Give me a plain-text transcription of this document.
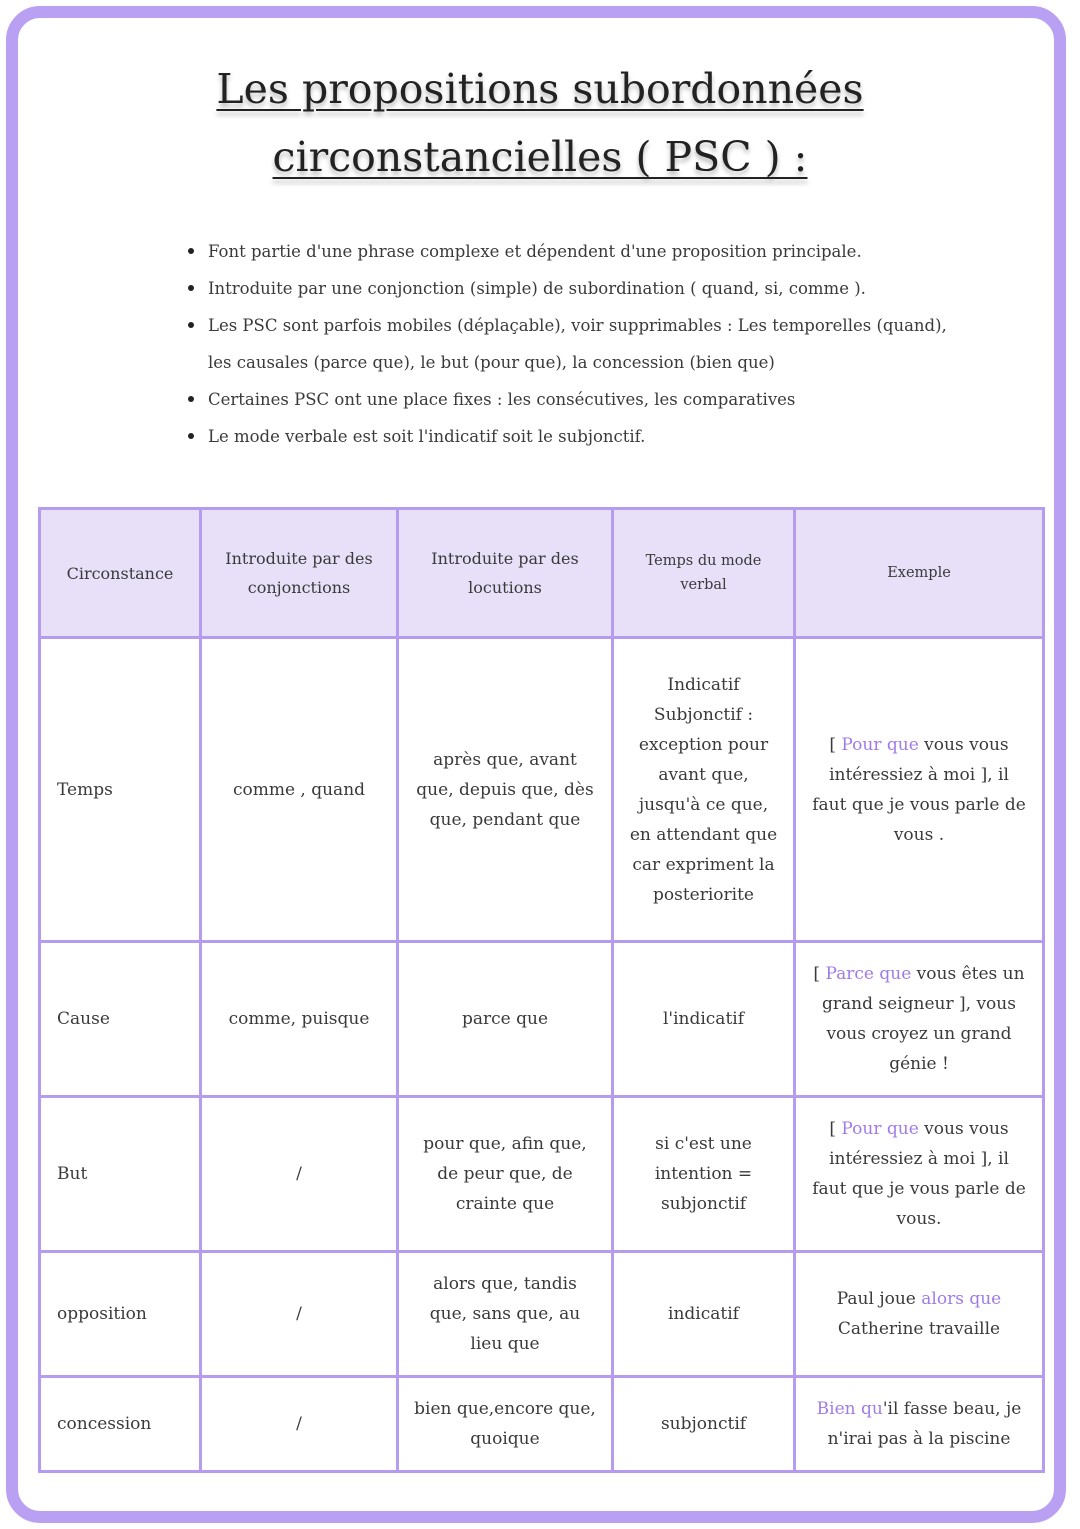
Les propositions subordonnées
circonstancielles ( PSC ) :
Font partie d'une phrase complexe et dépendent d'une proposition principale.
Introduite par une conjonction (simple) de subordination ( quand, si, comme ).
Les PSC sont parfois mobiles (déplaçable), voir supprimables : Les temporelles (quand),
les causales (parce que), le but (pour que), la concession (bien que)
Certaines PSC ont une place fixes : les consécutives, les comparatives
Le mode verbale est soit l'indicatif soit le subjonctif.
Circonstance	Introduite par des conjonctions	Introduite par des locutions	Temps du mode verbal	Exemple
Temps	comme , quand	après que, avant que, depuis que, dès que, pendant que	Indicatif Subjonctif : exception pour avant que, jusqu'à ce que, en attendant que car expriment la posteriorite	[ Pour que vous vous intéressiez à moi ], il faut que je vous parle de vous .
Cause	comme, puisque	parce que	l'indicatif	[ Parce que vous êtes un grand seigneur ], vous vous croyez un grand génie !
But	/	pour que, afin que, de peur que, de crainte que	si c'est une intention = subjonctif	[ Pour que vous vous intéressiez à moi ], il faut que je vous parle de vous.
opposition	/	alors que, tandis que, sans que, au lieu que	indicatif	Paul joue alors que Catherine travaille
concession	/	bien que,encore que, quoique	subjonctif	Bien qu'il fasse beau, je n'irai pas à la piscine
